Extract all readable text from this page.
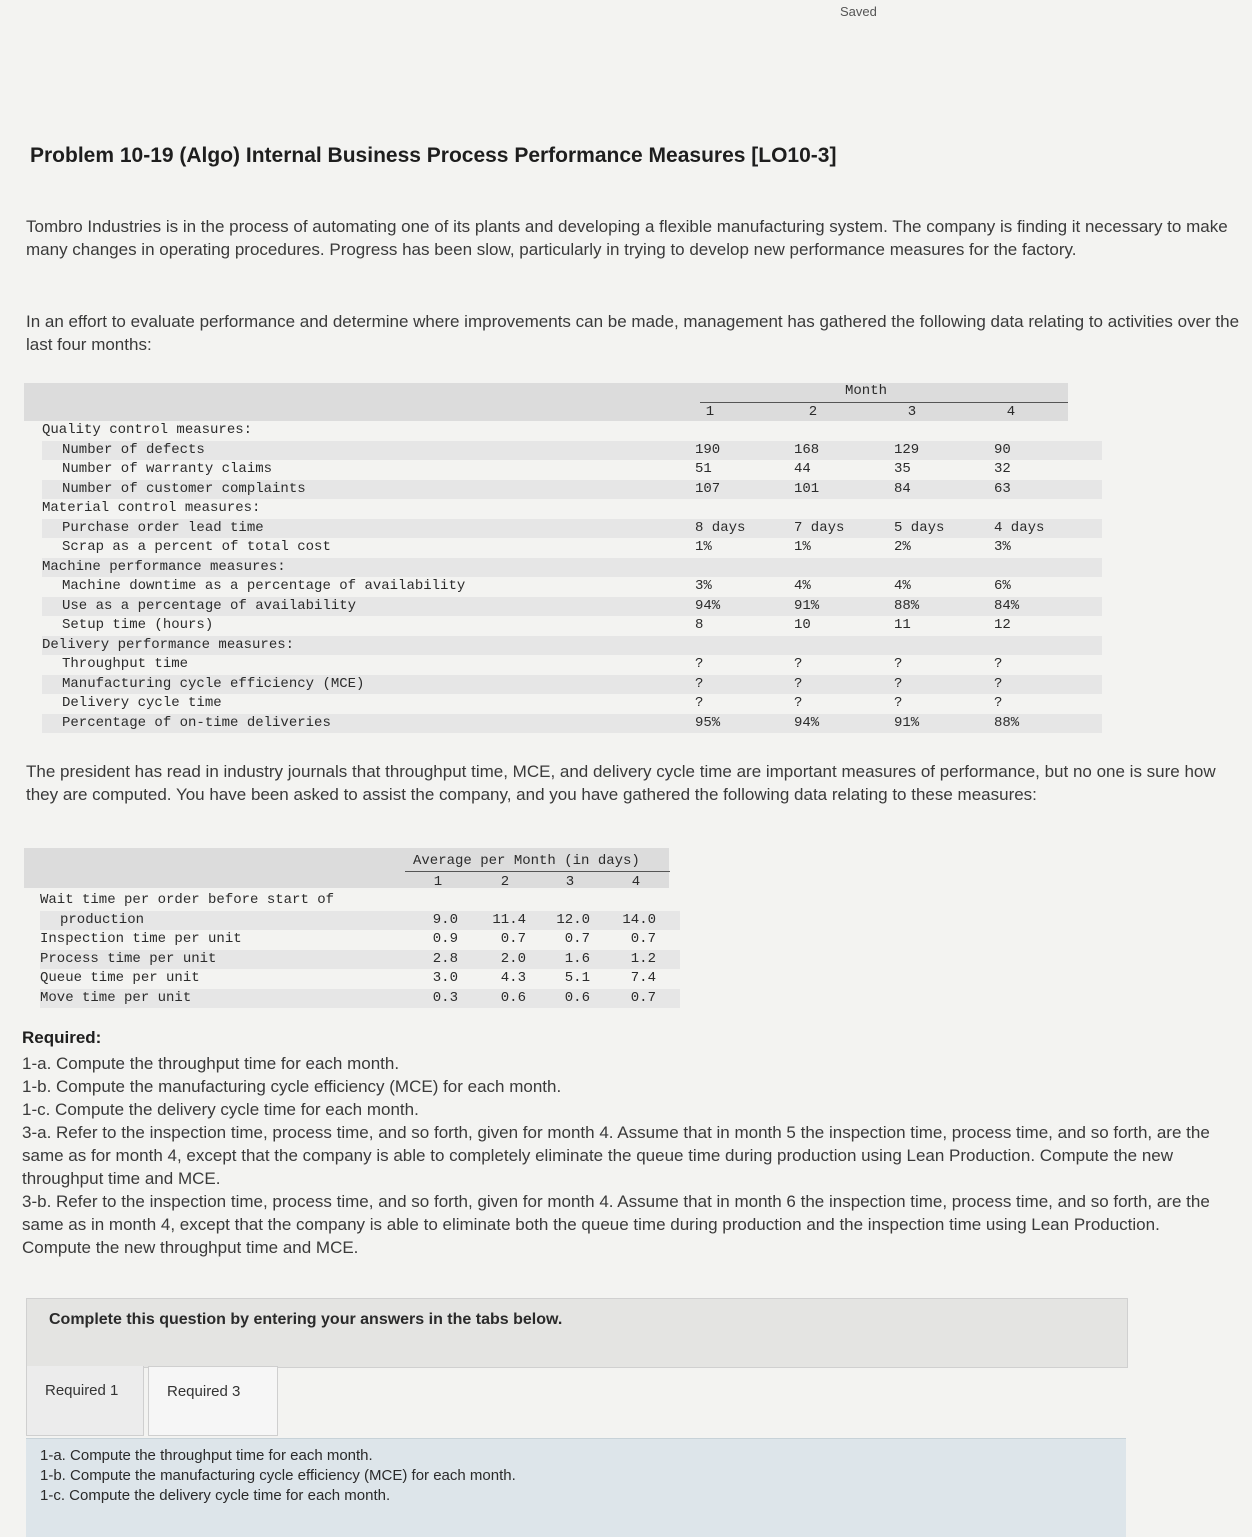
Saved
Problem 10-19 (Algo) Internal Business Process Performance Measures [LO10-3]
Tombro Industries is in the process of automating one of its plants and developing a flexible manufacturing system. The company is finding it necessary to make many changes in operating procedures. Progress has been slow, particularly in trying to develop new performance measures for the factory.
In an effort to evaluate performance and determine where improvements can be made, management has gathered the following data relating to activities over the last four months:
Month
1	2	3	4
Quality control measures:
Number of defects	190	168	129	90
Number of warranty claims	51	44	35	32
Number of customer complaints	107	101	84	63
Material control measures:
Purchase order lead time	8 days	7 days	5 days	4 days
Scrap as a percent of total cost	1%	1%	2%	3%
Machine performance measures:
Machine downtime as a percentage of availability	3%	4%	4%	6%
Use as a percentage of availability	94%	91%	88%	84%
Setup time (hours)	8	10	11	12
Delivery performance measures:
Throughput time	?	?	?	?
Manufacturing cycle efficiency (MCE)	?	?	?	?
Delivery cycle time	?	?	?	?
Percentage of on-time deliveries	95%	94%	91%	88%
The president has read in industry journals that throughput time, MCE, and delivery cycle time are important measures of performance, but no one is sure how they are computed. You have been asked to assist the company, and you have gathered the following data relating to these measures:
Average per Month (in days)
1	2	3	4
Wait time per order before start of
production	9.0	11.4	12.0	14.0
Inspection time per unit	0.9	0.7	0.7	0.7
Process time per unit	2.8	2.0	1.6	1.2
Queue time per unit	3.0	4.3	5.1	7.4
Move time per unit	0.3	0.6	0.6	0.7
Required:
1-a. Compute the throughput time for each month.
1-b. Compute the manufacturing cycle efficiency (MCE) for each month.
1-c. Compute the delivery cycle time for each month.
3-a. Refer to the inspection time, process time, and so forth, given for month 4. Assume that in month 5 the inspection time, process time, and so forth, are the same as for month 4, except that the company is able to completely eliminate the queue time during production using Lean Production. Compute the new throughput time and MCE.
3-b. Refer to the inspection time, process time, and so forth, given for month 4. Assume that in month 6 the inspection time, process time, and so forth, are the same as in month 4, except that the company is able to eliminate both the queue time during production and the inspection time using Lean Production. Compute the new throughput time and MCE.
Complete this question by entering your answers in the tabs below.
Required 1	Required 3
1-a. Compute the throughput time for each month.
1-b. Compute the manufacturing cycle efficiency (MCE) for each month.
1-c. Compute the delivery cycle time for each month.
